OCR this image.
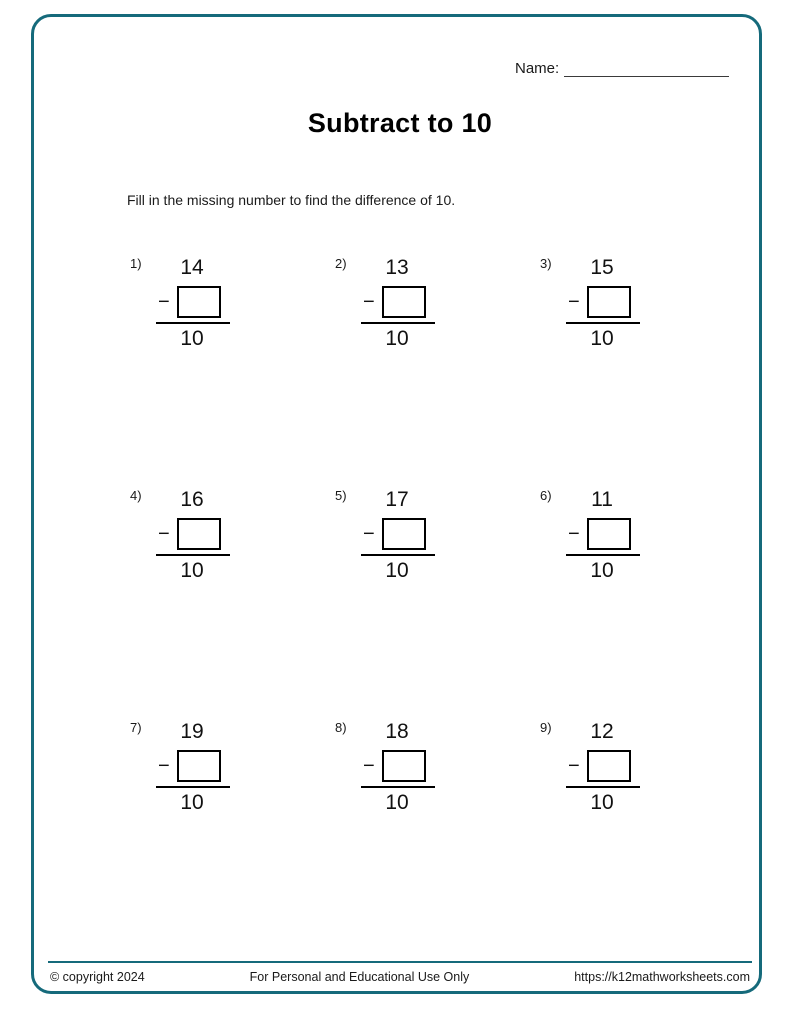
Name:
Subtract to 10
Fill in the missing number to find the difference of 10.
1)	14
−
10
2)	13
−
10
3)	15
−
10
4)	16
−
10
5)	17
−
10
6)	11
−
10
7)	19
−
10
8)	18
−
10
9)	12
−
10
© copyright 2024	For Personal and Educational Use Only	https://k12mathworksheets.com
